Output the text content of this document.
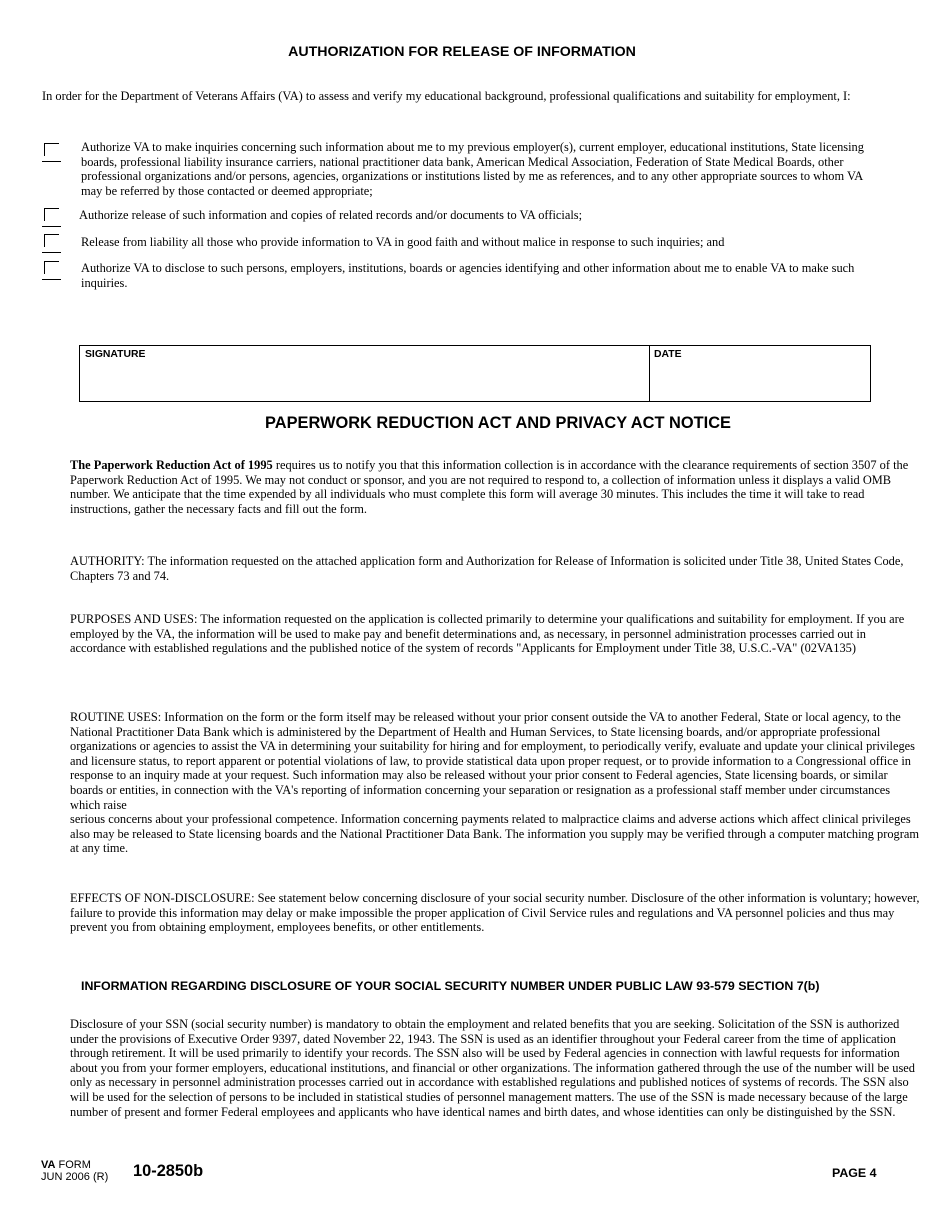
AUTHORIZATION FOR RELEASE OF INFORMATION

In order for the Department of Veterans Affairs (VA) to assess and verify my educational background, professional qualifications and suitability for employment, I:

Authorize VA to make inquiries concerning such information about me to my previous employer(s), current employer, educational institutions, State licensing boards, professional liability insurance carriers, national practitioner data bank, American Medical Association, Federation of State Medical Boards, other professional organizations and/or persons, agencies, organizations or institutions listed by me as references, and to any other appropriate sources to whom VA may be referred by those contacted or deemed appropriate;

Authorize release of such information and copies of related records and/or documents to VA officials;

Release from liability all those who provide information to VA in good faith and without malice in response to such inquiries; and

Authorize VA to disclose to such persons, employers, institutions, boards or agencies identifying and other information about me to enable VA to make such inquiries.

SIGNATURE	DATE
PAPERWORK REDUCTION ACT AND PRIVACY ACT NOTICE

The Paperwork Reduction Act of 1995 requires us to notify you that this information collection is in accordance with the clearance requirements of section 3507 of the Paperwork Reduction Act of 1995. We may not conduct or sponsor, and you are not required to respond to, a collection of information unless it displays a valid OMB number. We anticipate that the time expended by all individuals who must complete this form will average 30 minutes. This includes the time it will take to read instructions, gather the necessary facts and fill out the form.

AUTHORITY: The information requested on the attached application form and Authorization for Release of Information is solicited under Title 38, United States Code, Chapters 73 and 74.

PURPOSES AND USES: The information requested on the application is collected primarily to determine your qualifications and suitability for employment. If you are employed by the VA, the information will be used to make pay and benefit determinations and, as necessary, in personnel administration processes carried out in accordance with established regulations and the published notice of the system of records "Applicants for Employment under Title 38, U.S.C.-VA" (02VA135)

ROUTINE USES: Information on the form or the form itself may be released without your prior consent outside the VA to another Federal, State or local agency, to the National Practitioner Data Bank which is administered by the Department of Health and Human Services, to State licensing boards, and/or appropriate professional organizations or agencies to assist the VA in determining your suitability for hiring and for employment, to periodically verify, evaluate and update your clinical privileges and licensure status, to report apparent or potential violations of law, to provide statistical data upon proper request, or to provide information to a Congressional office in response to an inquiry made at your request. Such information may also be released without your prior consent to Federal agencies, State licensing boards, or similar boards or entities, in connection with the VA's reporting of information concerning your separation or resignation as a professional staff member under circumstances which raise
serious concerns about your professional competence. Information concerning payments related to malpractice claims and adverse actions which affect clinical privileges also may be released to State licensing boards and the National Practitioner Data Bank. The information you supply may be verified through a computer matching program at any time.

EFFECTS OF NON-DISCLOSURE: See statement below concerning disclosure of your social security number. Disclosure of the other information is voluntary; however, failure to provide this information may delay or make impossible the proper application of Civil Service rules and regulations and VA personnel policies and thus may prevent you from obtaining employment, employees benefits, or other entitlements.

INFORMATION REGARDING DISCLOSURE OF YOUR SOCIAL SECURITY NUMBER UNDER PUBLIC LAW 93-579 SECTION 7(b)

Disclosure of your SSN (social security number) is mandatory to obtain the employment and related benefits that you are seeking. Solicitation of the SSN is authorized under the provisions of Executive Order 9397, dated November 22, 1943. The SSN is used as an identifier throughout your Federal career from the time of application through retirement. It will be used primarily to identify your records. The SSN also will be used by Federal agencies in connection with lawful requests for information about you from your former employers, educational institutions, and financial or other organizations. The information gathered through the use of the number will be used only as necessary in personnel administration processes carried out in accordance with established regulations and published notices of systems of records. The SSN also will be used for the selection of persons to be included in statistical studies of personnel management matters. The use of the SSN is made necessary because of the large number of present and former Federal employees and applicants who have identical names and birth dates, and whose identities can only be distinguished by the SSN.

VA FORM
JUN 2006 (R) 10-2850b	PAGE 4
